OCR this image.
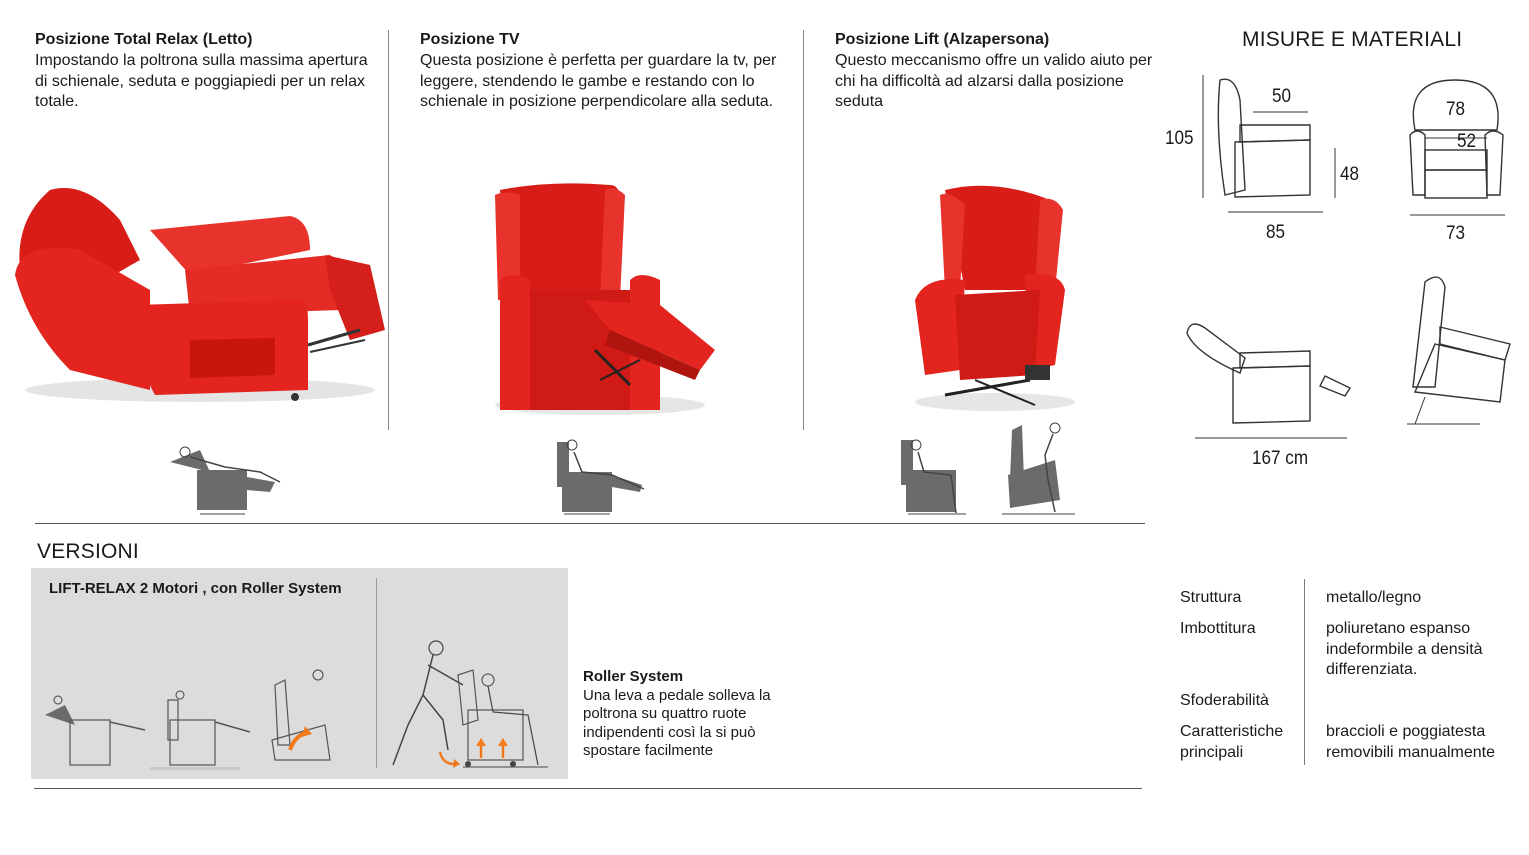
Posizione Total Relax (Letto)
Impostando la poltrona sulla massima apertura di schienale, seduta e poggiapiedi per un relax totale.
Posizione TV
Questa posizione è perfetta per guardare la tv, per leggere, stendendo le gambe e restando con lo schienale in posizione perpendicolare alla seduta.
Posizione Lift (Alzapersona)
Questo meccanismo offre un valido aiuto per chi ha difficoltà ad alzarsi dalla posizione seduta
MISURE E MATERIALI
105
50
48
85
78
52
73
167 cm
VERSIONI
LIFT-RELAX 2 Motori , con Roller System
Roller System
Una leva a pedale solleva la poltrona su quattro ruote indipendenti così la si può spostare facilmente
Struttura	metallo/legno
Imbottitura	poliuretano espanso  indeformbile a densità differenziata.
Sfoderabilità
Caratteristiche principali
braccioli e poggiatesta removibili manualmente
